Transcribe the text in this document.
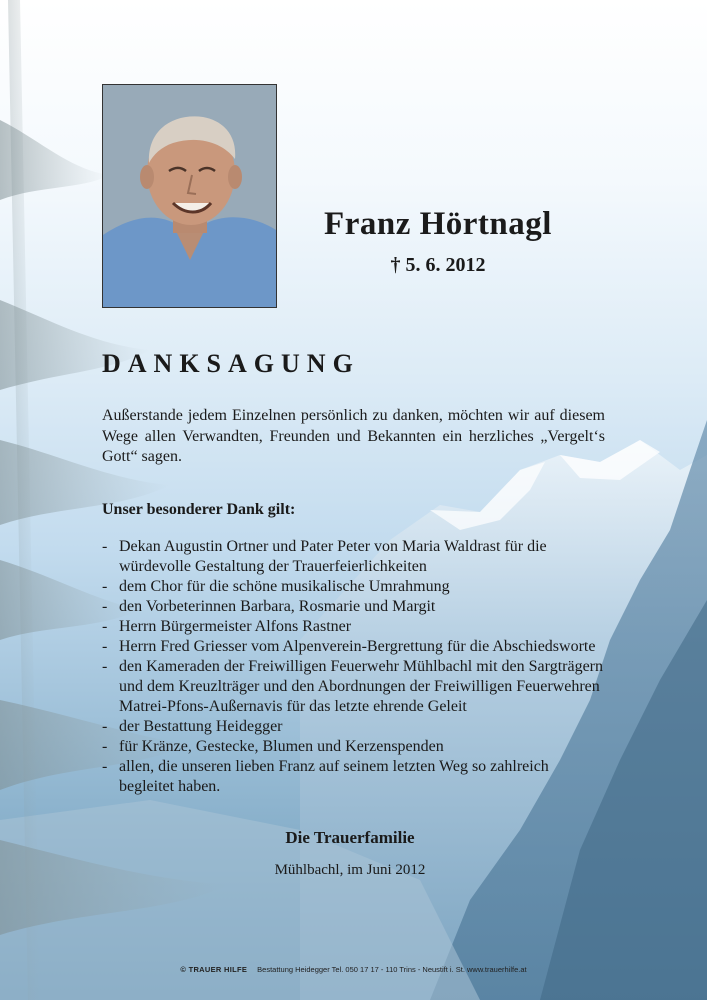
Franz Hörtnagl
† 5. 6. 2012
DANKSAGUNG

Außerstande jedem Einzelnen persönlich zu danken, möchten wir auf diesem Wege allen Verwandten, Freunden und Bekannten ein herzliches „Vergelt‘s Gott“ sagen.

Unser besonderer Dank gilt:
- Dekan Augustin Ortner und Pater Peter von Maria Waldrast für die
würdevolle Gestaltung der Trauerfeierlichkeiten
- dem Chor für die schöne musikalische Umrahmung
- den Vorbeterinnen Barbara, Rosmarie und Margit
- Herrn Bürgermeister Alfons Rastner
- Herrn Fred Griesser vom Alpenverein-Bergrettung für die Abschiedsworte
- den Kameraden der Freiwilligen Feuerwehr Mühlbachl mit den Sargträgern
und dem Kreuzlträger und den Abordnungen der Freiwilligen Feuerwehren
Matrei-Pfons-Außernavis für das letzte ehrende Geleit
- der Bestattung Heidegger
- für Kränze, Gestecke, Blumen und Kerzenspenden
- allen, die unseren lieben Franz auf seinem letzten Weg so zahlreich
begleitet haben.
Die Trauerfamilie
Mühlbachl, im Juni 2012
© TRAUER HILFE Bestattung Heidegger Tel. 050 17 17 - 110 Trins - Neustift i. St. www.trauerhilfe.at
